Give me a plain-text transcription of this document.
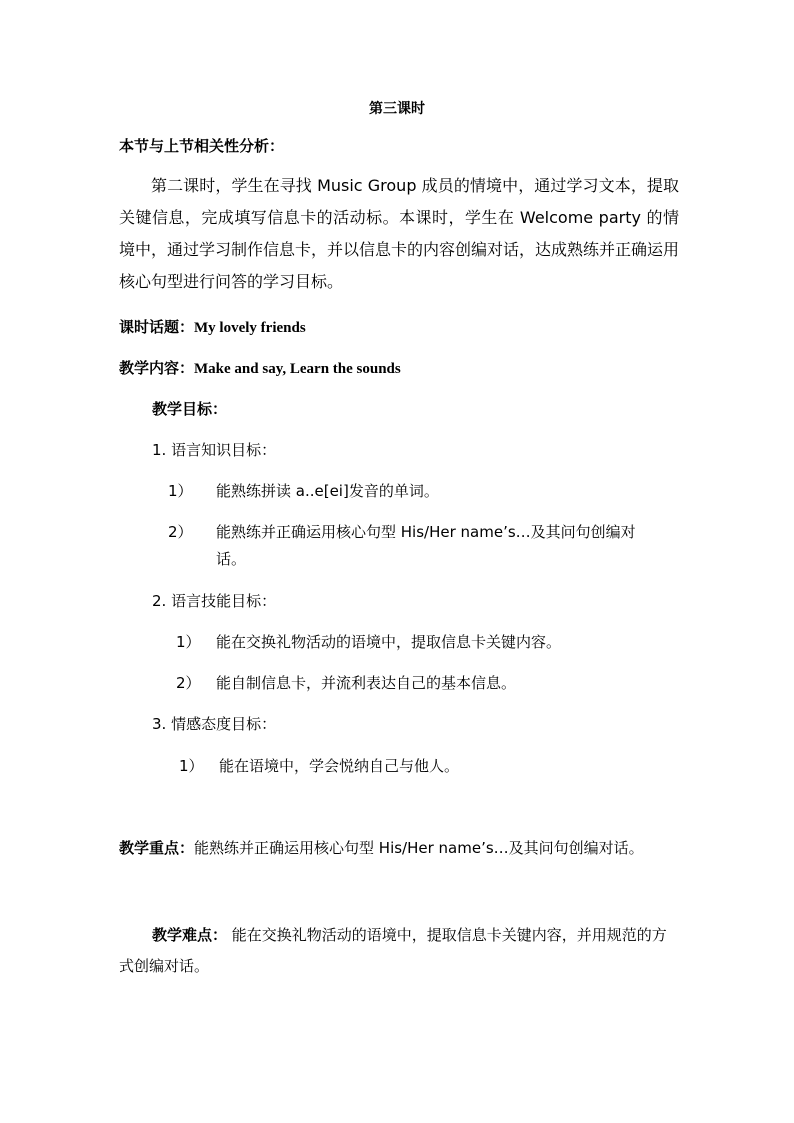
第三课时
本节与上节相关性分析：
第二课时，学生在寻找 Music Group 成员的情境中，通过学习文本，提取关键信息，完成填写信息卡的活动标。本课时，学生在 Welcome party 的情境中，通过学习制作信息卡，并以信息卡的内容创编对话，达成熟练并正确运用核心句型进行问答的学习目标。
课时话题：My lovely friends
教学内容：Make and say, Learn the sounds
教学目标：
1. 语言知识目标：
1） 能熟练拼读 a..e[ei]发音的单词。
2） 能熟练并正确运用核心句型 His/Her name’s…及其问句创编对
话。
2. 语言技能目标：
1） 能在交换礼物活动的语境中，提取信息卡关键内容。
2） 能自制信息卡，并流利表达自己的基本信息。
3. 情感态度目标：
1） 能在语境中，学会悦纳自己与他人。
教学重点：能熟练并正确运用核心句型 His/Her name’s…及其问句创编对话。
教学难点： 能在交换礼物活动的语境中，提取信息卡关键内容，并用规范的方式创编对话。
